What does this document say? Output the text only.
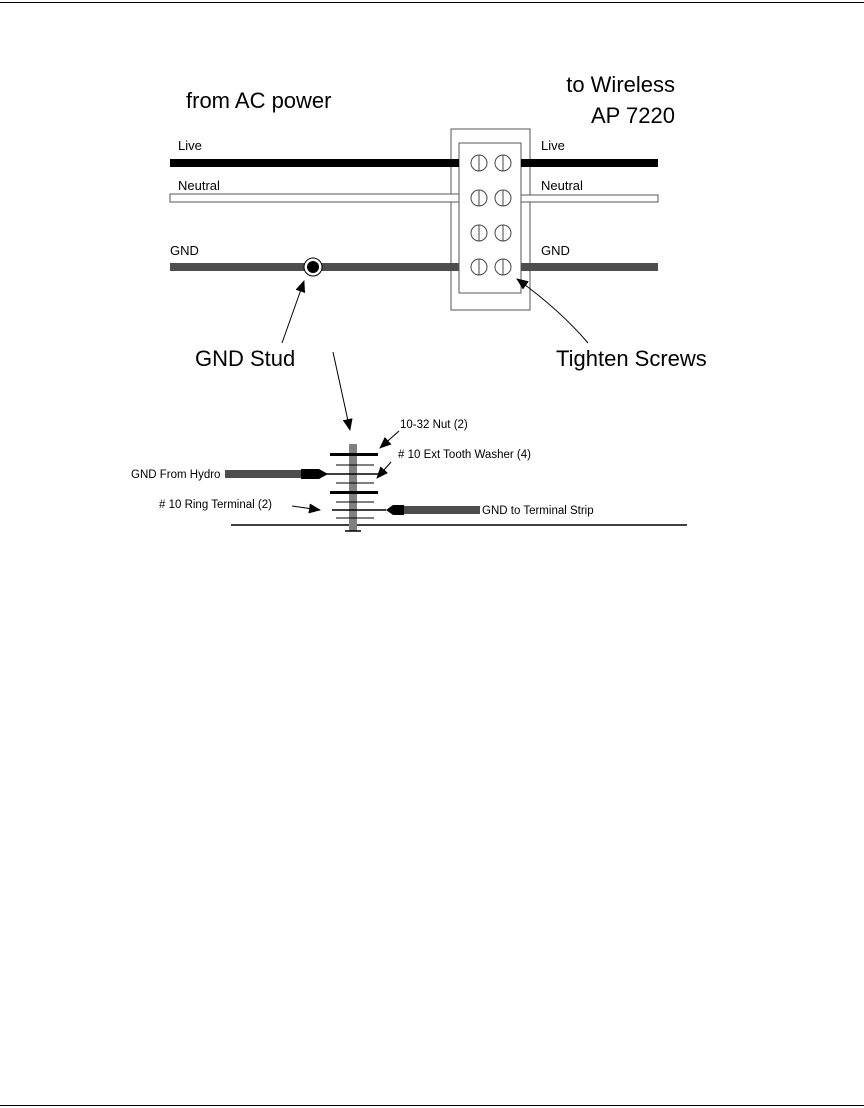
from AC power
to Wireless
AP 7220
Live
Neutral
GND
Live
Neutral
GND
GND Stud	Tighten Screws
10-32 Nut (2)
# 10 Ext Tooth Washer (4)
GND From Hydro
# 10 Ring Terminal (2)	GND to Terminal Strip
